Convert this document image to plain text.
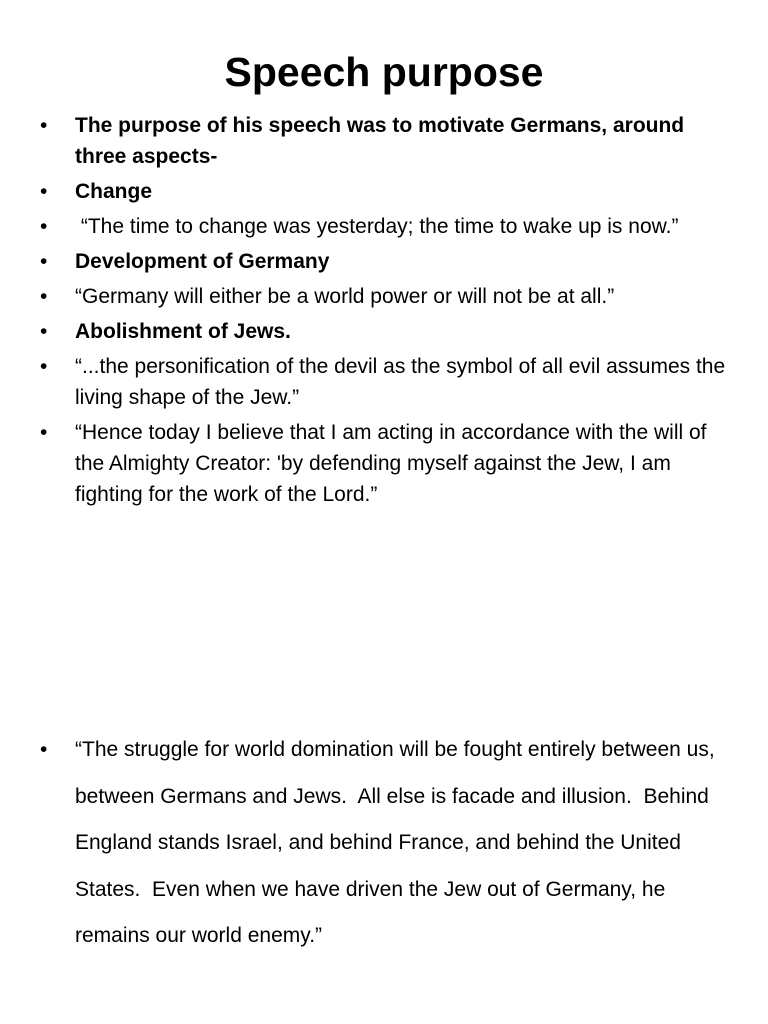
Speech purpose
• The purpose of his speech was to motivate Germans, around three aspects-
• Change
• “The time to change was yesterday; the time to wake up is now.”
• Development of Germany
• “Germany will either be a world power or will not be at all.”
• Abolishment of Jews.
• “...the personification of the devil as the symbol of all evil assumes the living shape of the Jew.”
• “Hence today I believe that I am acting in accordance with the will of the Almighty Creator: 'by defending myself against the Jew, I am fighting for the work of the Lord.”
• “The struggle for world domination will be fought entirely between us, between Germans and Jews.  All else is facade and illusion.  Behind England stands Israel, and behind France, and behind the United States.  Even when we have driven the Jew out of Germany, he remains our world enemy.”
